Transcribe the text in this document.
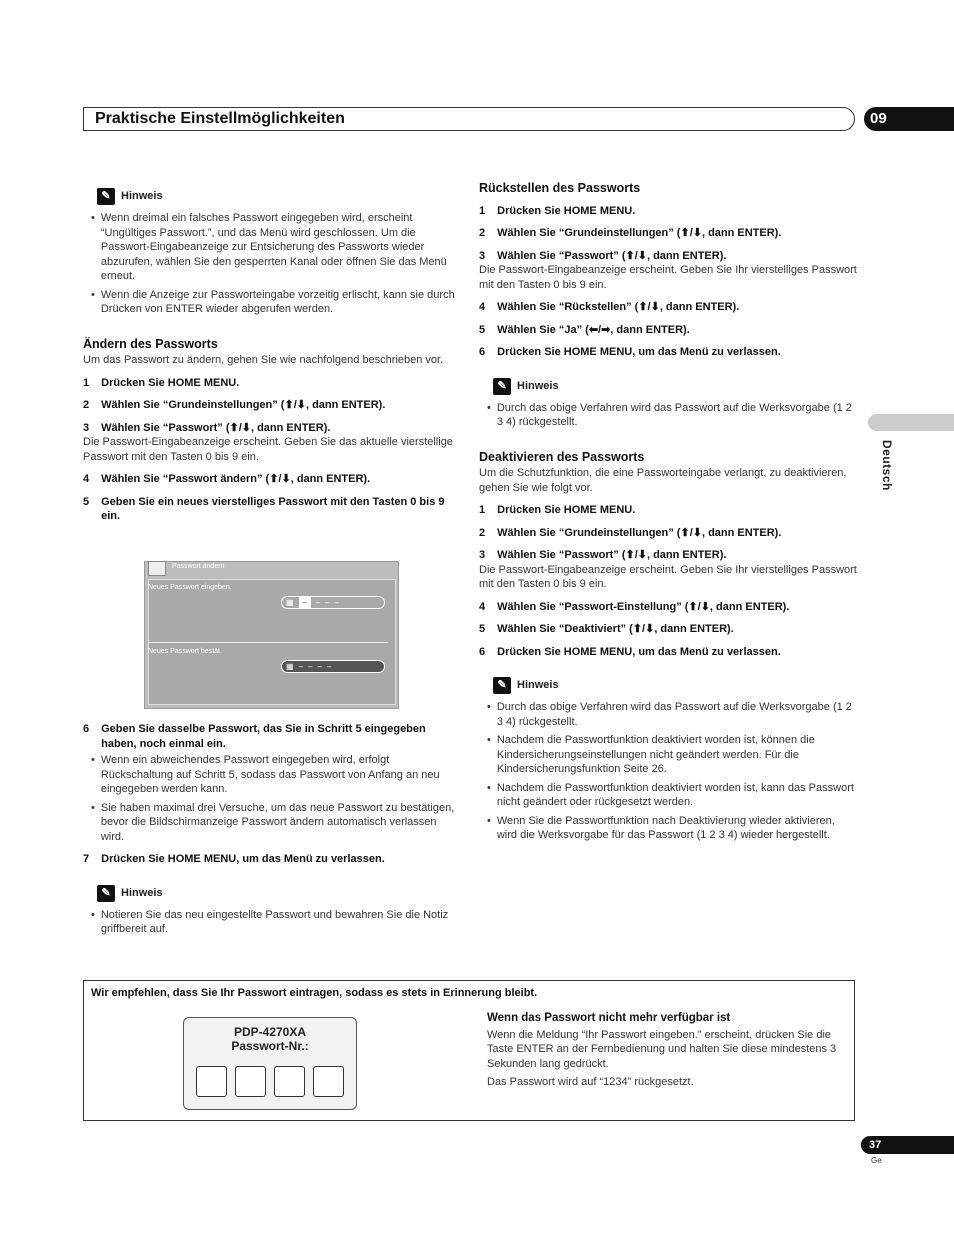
Praktische Einstellmöglichkeiten	09
Deutsch
✎ Hinweis
• Wenn dreimal ein falsches Passwort eingegeben wird, erscheint “Ungültiges Passwort.”, und das Menü wird geschlossen. Um die Passwort-Eingabeanzeige zur Entsicherung des Passworts wieder abzurufen, wählen Sie den gesperrten Kanal oder öffnen Sie das Menü erneut.
• Wenn die Anzeige zur Passworteingabe vorzeitig erlischt, kann sie durch Drücken von ENTER wieder abgerufen werden.
Ändern des Passworts

Um das Passwort zu ändern, gehen Sie wie nachfolgend beschrieben vor.

1 Drücken Sie HOME MENU.
2 Wählen Sie “Grundeinstellungen” (⬆/⬇, dann ENTER).
3 Wählen Sie “Passwort” (⬆/⬇, dann ENTER).

Die Passwort-Eingabeanzeige erscheint. Geben Sie das aktuelle vierstellige Passwort mit den Tasten 0 bis 9 ein.

4 Wählen Sie “Passwort ändern” (⬆/⬇, dann ENTER).
5 Geben Sie ein neues vierstelliges Passwort mit den Tasten 0 bis 9 ein.
Passwort ändern
Neues Passwort eingeben.
▦	–	– – –
Neues Passwort bestät.
▦ – – – –
6 Geben Sie dasselbe Passwort, das Sie in Schritt 5 eingegeben haben, noch einmal ein.
• Wenn ein abweichendes Passwort eingegeben wird, erfolgt Rückschaltung auf Schritt 5, sodass das Passwort von Anfang an neu eingegeben werden kann.
• Sie haben maximal drei Versuche, um das neue Passwort zu bestätigen, bevor die Bildschirmanzeige Passwort ändern automatisch verlassen wird.
7 Drücken Sie HOME MENU, um das Menü zu verlassen.
✎ Hinweis
• Notieren Sie das neu eingestellte Passwort und bewahren Sie die Notiz griffbereit auf.
Rückstellen des Passworts
1 Drücken Sie HOME MENU.
2 Wählen Sie “Grundeinstellungen” (⬆/⬇, dann ENTER).
3 Wählen Sie “Passwort” (⬆/⬇, dann ENTER).

Die Passwort-Eingabeanzeige erscheint. Geben Sie Ihr vierstelliges Passwort mit den Tasten 0 bis 9 ein.

4 Wählen Sie “Rückstellen” (⬆/⬇, dann ENTER).
5 Wählen Sie “Ja” (⬅/➡, dann ENTER).
6 Drücken Sie HOME MENU, um das Menü zu verlassen.
✎ Hinweis
• Durch das obige Verfahren wird das Passwort auf die Werksvorgabe (1 2 3 4) rückgestellt.
Deaktivieren des Passworts

Um die Schutzfunktion, die eine Passworteingabe verlangt, zu deaktivieren, gehen Sie wie folgt vor.

1 Drücken Sie HOME MENU.
2 Wählen Sie “Grundeinstellungen” (⬆/⬇, dann ENTER).
3 Wählen Sie “Passwort” (⬆/⬇, dann ENTER).

Die Passwort-Eingabeanzeige erscheint. Geben Sie Ihr vierstelliges Passwort mit den Tasten 0 bis 9 ein.

4 Wählen Sie “Passwort-Einstellung” (⬆/⬇, dann ENTER).
5 Wählen Sie “Deaktiviert” (⬆/⬇, dann ENTER).
6 Drücken Sie HOME MENU, um das Menü zu verlassen.
✎ Hinweis
• Durch das obige Verfahren wird das Passwort auf die Werksvorgabe (1 2 3 4) rückgestellt.
• Nachdem die Passwortfunktion deaktiviert worden ist, können die Kindersicherungseinstellungen nicht geändert werden. Für die Kindersicherungsfunktion Seite 26.
• Nachdem die Passwortfunktion deaktiviert worden ist, kann das Passwort nicht geändert oder rückgesetzt werden.
• Wenn Sie die Passwortfunktion nach Deaktivierung wieder aktivieren, wird die Werksvorgabe für das Passwort (1 2 3 4) wieder hergestellt.
Wir empfehlen, dass Sie Ihr Passwort eintragen, sodass es stets in Erinnerung bleibt.
PDP-4270XA
Passwort-Nr.:
Wenn das Passwort nicht mehr verfügbar ist

Wenn die Meldung “Ihr Passwort eingeben.” erscheint, drücken Sie die Taste ENTER an der Fernbedienung und halten Sie diese mindestens 3 Sekunden lang gedrückt.

Das Passwort wird auf “1234” rückgesetzt.

37
Ge
